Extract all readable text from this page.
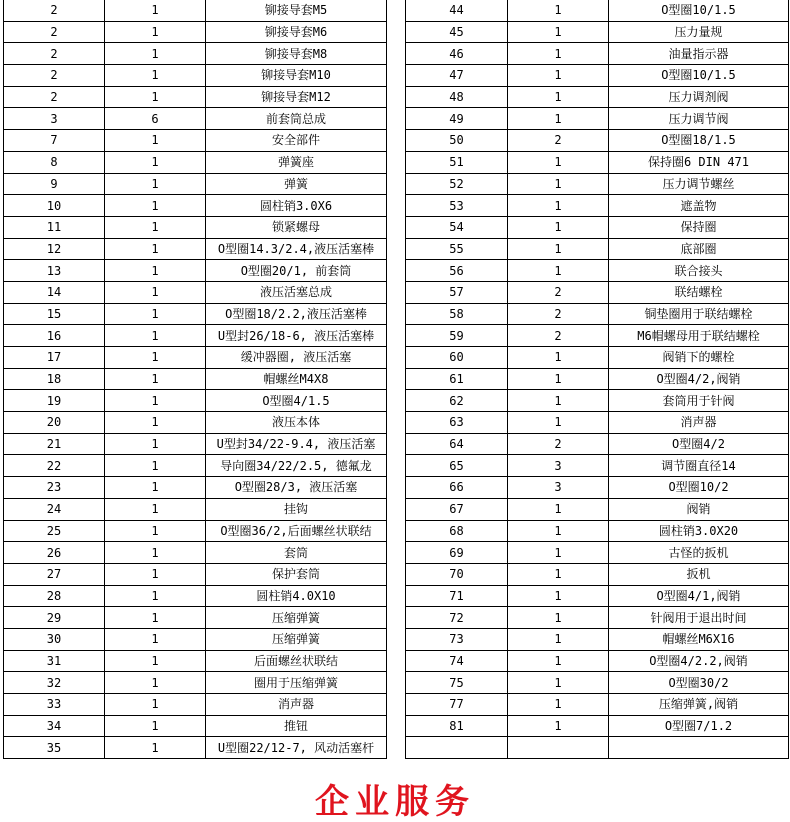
2	1	铆接导套M5
2	1	铆接导套M6
2	1	铆接导套M8
2	1	铆接导套M10
2	1	铆接导套M12
3	6	前套筒总成
7	1	安全部件
8	1	弹簧座
9	1	弹簧
10	1	圆柱销3.0X6
11	1	锁紧螺母
12	1	O型圈14.3/2.4,液压活塞棒
13	1	O型圈20/1, 前套筒
14	1	液压活塞总成
15	1	O型圈18/2.2,液压活塞棒
16	1	U型封26/18-6, 液压活塞棒
17	1	缓冲器圈, 液压活塞
18	1	帽螺丝M4X8
19	1	O型圈4/1.5
20	1	液压本体
21	1	U型封34/22-9.4, 液压活塞
22	1	导向圈34/22/2.5, 德氟龙
23	1	O型圈28/3, 液压活塞
24	1	挂钩
25	1	O型圈36/2,后面螺丝状联结
26	1	套筒
27	1	保护套筒
28	1	圆柱销4.0X10
29	1	压缩弹簧
30	1	压缩弹簧
31	1	后面螺丝状联结
32	1	圈用于压缩弹簧
33	1	消声器
34	1	推钮
35	1	U型圈22/12-7, 风动活塞杆
44	1	O型圈10/1.5
45	1	压力量规
46	1	油量指示器
47	1	O型圈10/1.5
48	1	压力调剂阀
49	1	压力调节阀
50	2	O型圈18/1.5
51	1	保持圈6 DIN 471
52	1	压力调节螺丝
53	1	遮盖物
54	1	保持圈
55	1	底部圈
56	1	联合接头
57	2	联结螺栓
58	2	铜垫圈用于联结螺栓
59	2	M6帽螺母用于联结螺栓
60	1	阀销下的螺栓
61	1	O型圈4/2,阀销
62	1	套筒用于针阀
63	1	消声器
64	2	O型圈4/2
65	3	调节圈直径14
66	3	O型圈10/2
67	1	阀销
68	1	圆柱销3.0X20
69	1	古怪的扳机
70	1	扳机
71	1	O型圈4/1,阀销
72	1	针阀用于退出时间
73	1	帽螺丝M6X16
74	1	O型圈4/2.2,阀销
75	1	O型圈30/2
77	1	压缩弹簧,阀销
81	1	O型圈7/1.2

企业服务
